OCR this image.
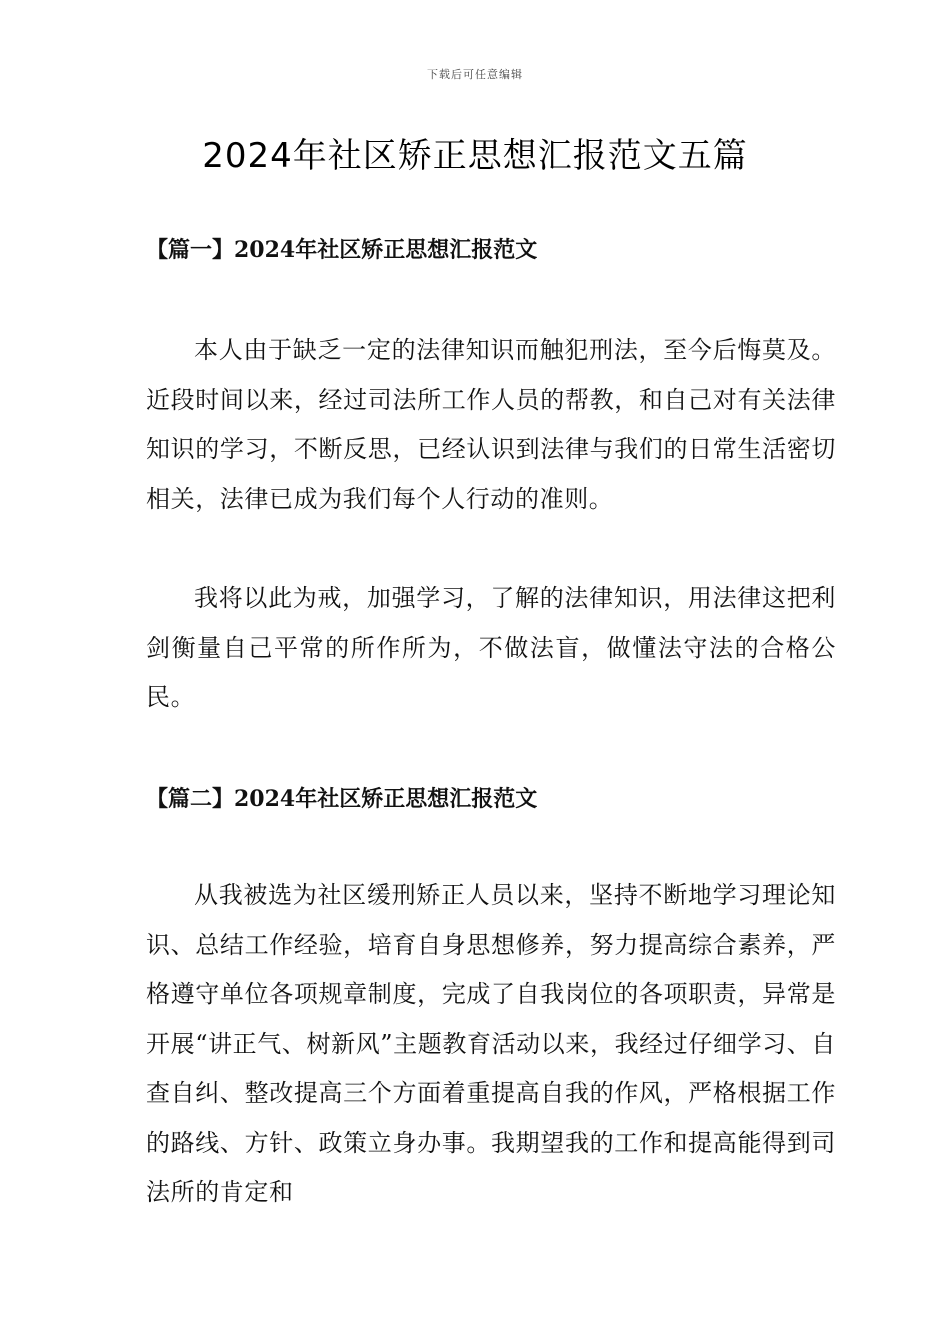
下载后可任意编辑
2024年社区矫正思想汇报范文五篇
【篇一】2024年社区矫正思想汇报范文

本人由于缺乏一定的法律知识而触犯刑法，至今后悔莫及。近段时间以来，经过司法所工作人员的帮教，和自己对有关法律知识的学习，不断反思，已经认识到法律与我们的日常生活密切相关，法律已成为我们每个人行动的准则。

我将以此为戒，加强学习，了解的法律知识，用法律这把利剑衡量自己平常的所作所为，不做法盲，做懂法守法的合格公民。

【篇二】2024年社区矫正思想汇报范文

从我被选为社区缓刑矫正人员以来，坚持不断地学习理论知识、总结工作经验，培育自身思想修养，努力提高综合素养，严格遵守单位各项规章制度，完成了自我岗位的各项职责，异常是开展“讲正气、树新风”主题教育活动以来，我经过仔细学习、自查自纠、整改提高三个方面着重提高自我的作风，严格根据工作的路线、方针、政策立身办事。我期望我的工作和提高能得到司法所的肯定和
